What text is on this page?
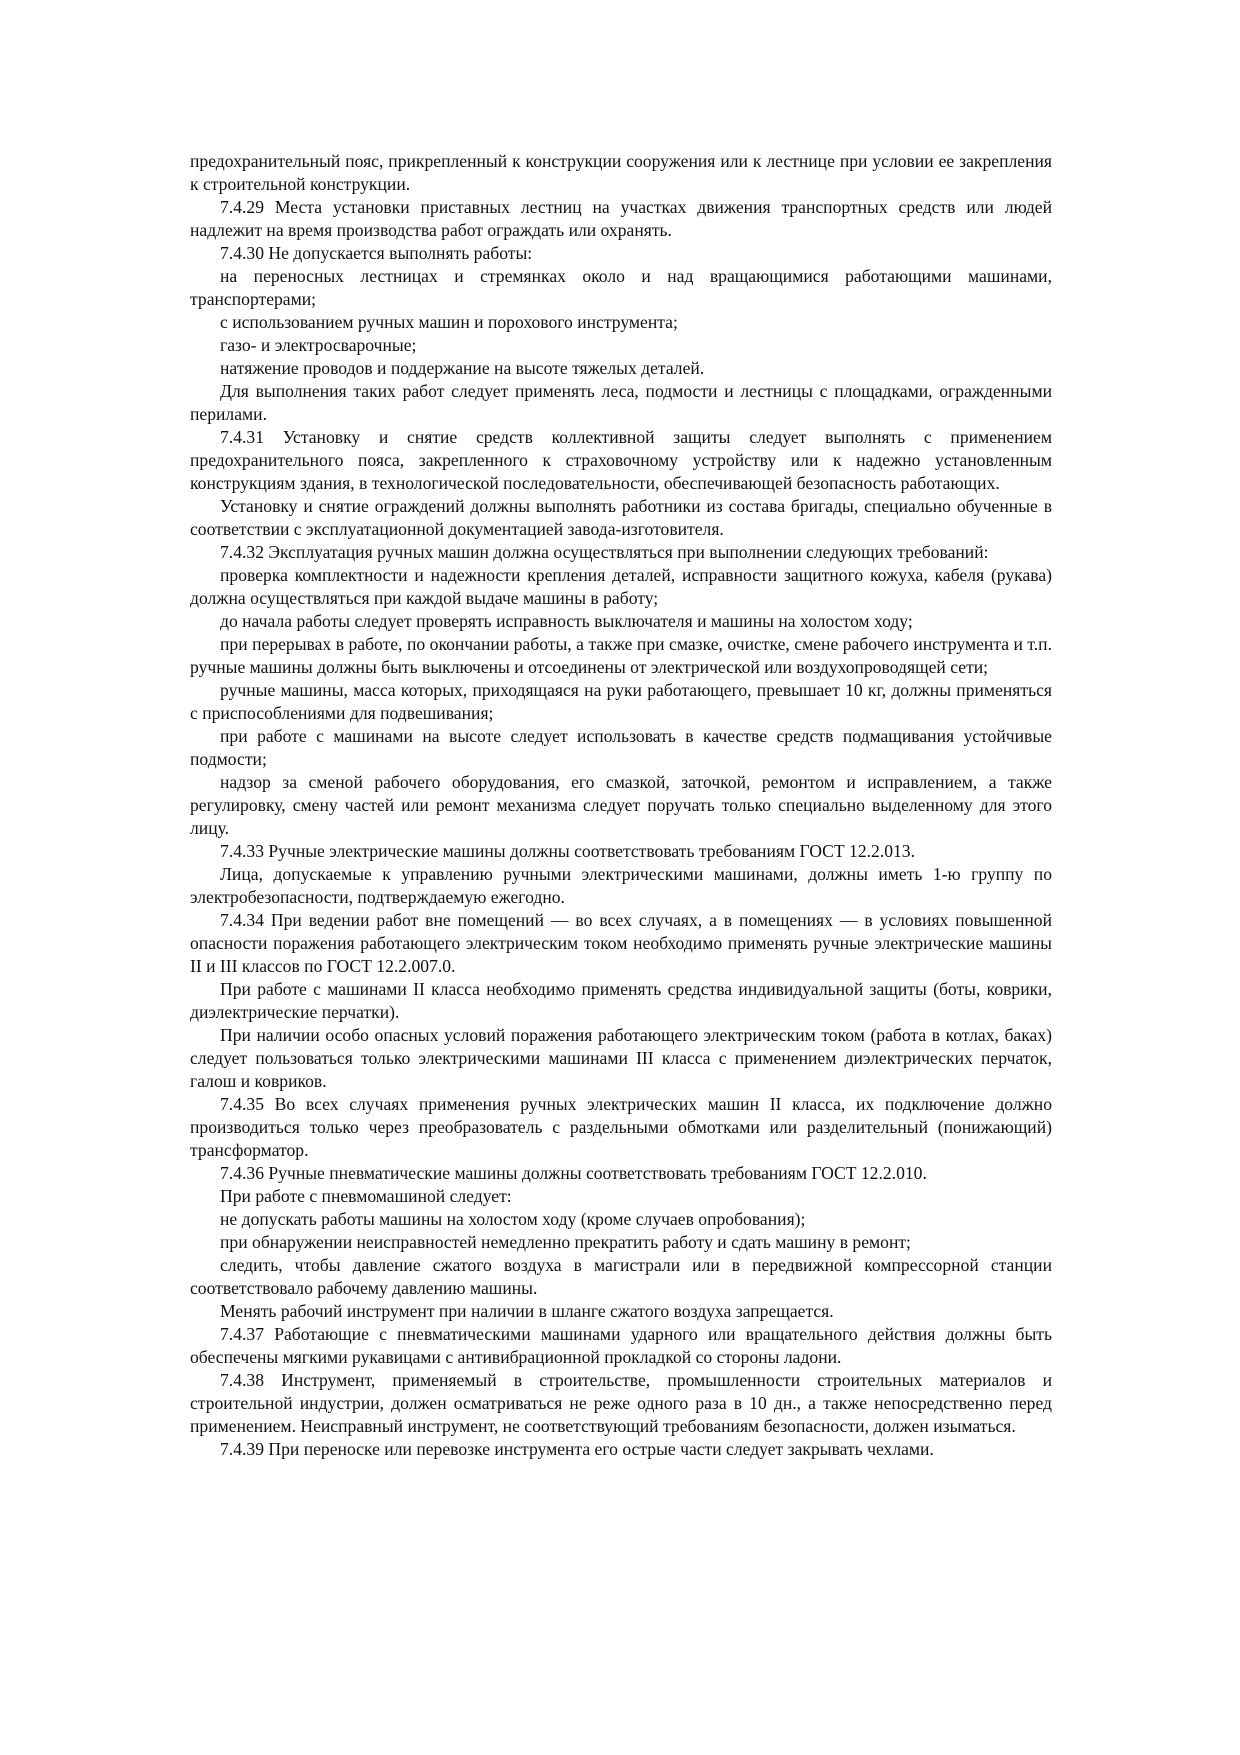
предохранительный пояс, прикрепленный к конструкции сооружения или к лестнице при условии ее закрепления к строительной конструкции.

7.4.29 Места установки приставных лестниц на участках движения транспортных средств или людей надлежит на время производства работ ограждать или охранять.

7.4.30 Не допускается выполнять работы:

на переносных лестницах и стремянках около и над вращающимися работающими машинами, транспортерами;

с использованием ручных машин и порохового инструмента;

газо- и электросварочные;

натяжение проводов и поддержание на высоте тяжелых деталей.

Для выполнения таких работ следует применять леса, подмости и лестницы с площадками, огражденными перилами.

7.4.31 Установку и снятие средств коллективной защиты следует выполнять с применением предохранительного пояса, закрепленного к страховочному устройству или к надежно установленным конструкциям здания, в технологической последовательности, обеспечивающей безопасность работающих.

Установку и снятие ограждений должны выполнять работники из состава бригады, специально обученные в соответствии с эксплуатационной документацией завода-изготовителя.

7.4.32 Эксплуатация ручных машин должна осуществляться при выполнении следующих требований:

проверка комплектности и надежности крепления деталей, исправности защитного кожуха, кабеля (рукава) должна осуществляться при каждой выдаче машины в работу;

до начала работы следует проверять исправность выключателя и машины на холостом ходу;

при перерывах в работе, по окончании работы, а также при смазке, очистке, смене рабочего инструмента и т.п. ручные машины должны быть выключены и отсоединены от электрической или воздухопроводящей сети;

ручные машины, масса которых, приходящаяся на руки работающего, превышает 10 кг, должны применяться с приспособлениями для подвешивания;

при работе с машинами на высоте следует использовать в качестве средств подмащивания устойчивые подмости;

надзор за сменой рабочего оборудования, его смазкой, заточкой, ремонтом и исправлением, а также регулировку, смену частей или ремонт механизма следует поручать только специально выделенному для этого лицу.

7.4.33 Ручные электрические машины должны соответствовать требованиям ГОСТ 12.2.013.

Лица, допускаемые к управлению ручными электрическими машинами, должны иметь 1-ю группу по электробезопасности, подтверждаемую ежегодно.

7.4.34 При ведении работ вне помещений — во всех случаях, а в помещениях — в условиях повышенной опасности поражения работающего электрическим током необходимо применять ручные электрические машины II и III классов по ГОСТ 12.2.007.0.

При работе с машинами II класса необходимо применять средства индивидуальной защиты (боты, коврики, диэлектрические перчатки).

При наличии особо опасных условий поражения работающего электрическим током (работа в котлах, баках) следует пользоваться только электрическими машинами III класса с применением диэлектрических перчаток, галош и ковриков.

7.4.35 Во всех случаях применения ручных электрических машин II класса, их подключение должно производиться только через преобразователь с раздельными обмотками или разделительный (понижающий) трансформатор.

7.4.36 Ручные пневматические машины должны соответствовать требованиям ГОСТ 12.2.010.

При работе с пневмомашиной следует:

не допускать работы машины на холостом ходу (кроме случаев опробования);

при обнаружении неисправностей немедленно прекратить работу и сдать машину в ремонт;

следить, чтобы давление сжатого воздуха в магистрали или в передвижной компрессорной станции соответствовало рабочему давлению машины.

Менять рабочий инструмент при наличии в шланге сжатого воздуха запрещается.

7.4.37 Работающие с пневматическими машинами ударного или вращательного действия должны быть обеспечены мягкими рукавицами с антивибрационной прокладкой со стороны ладони.

7.4.38 Инструмент, применяемый в строительстве, промышленности строительных материалов и строительной индустрии, должен осматриваться не реже одного раза в 10 дн., а также непосредственно перед применением. Неисправный инструмент, не соответствующий требованиям безопасности, должен изыматься.

7.4.39 При переноске или перевозке инструмента его острые части следует закрывать чехлами.
